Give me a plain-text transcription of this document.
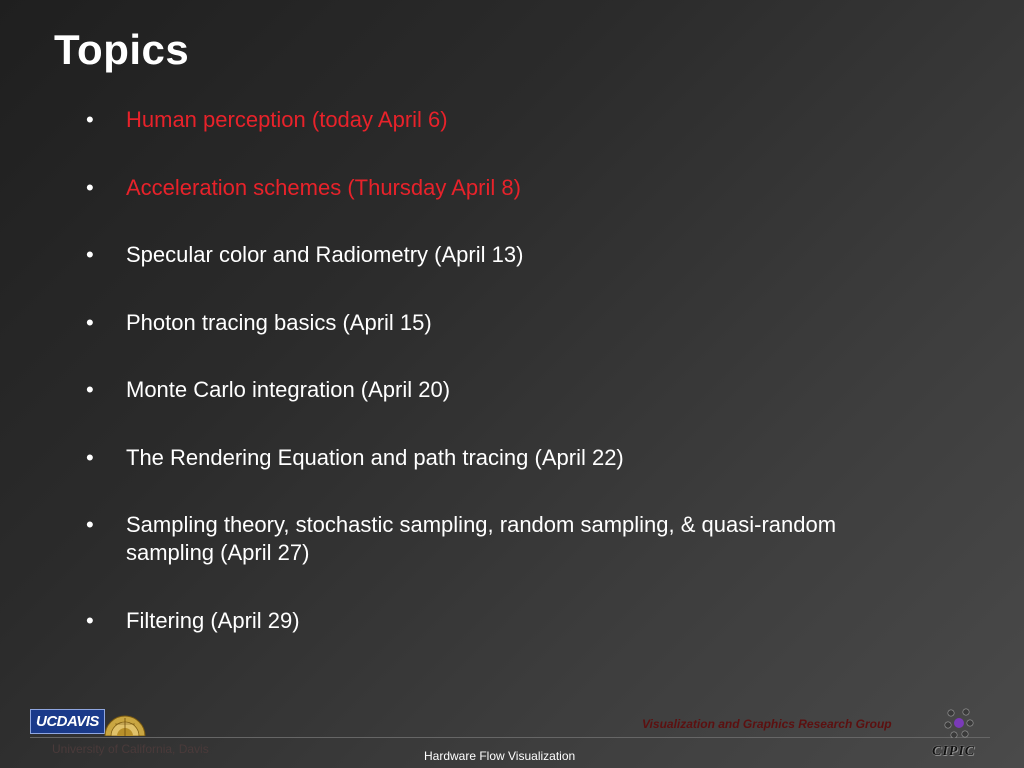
Topics
• Human perception (today April 6)
• Acceleration schemes (Thursday April 8)
• Specular color and Radiometry (April 13)
• Photon tracing basics (April 15)
• Monte Carlo integration (April 20)
• The Rendering Equation and path tracing (April 22)
• Sampling theory, stochastic sampling, random sampling, & quasi-random sampling (April 27)
• Filtering (April 29)
UCDAVIS
University of California, Davis	Hardware Flow Visualization
Visualization and Graphics Research Group
CIPIC
